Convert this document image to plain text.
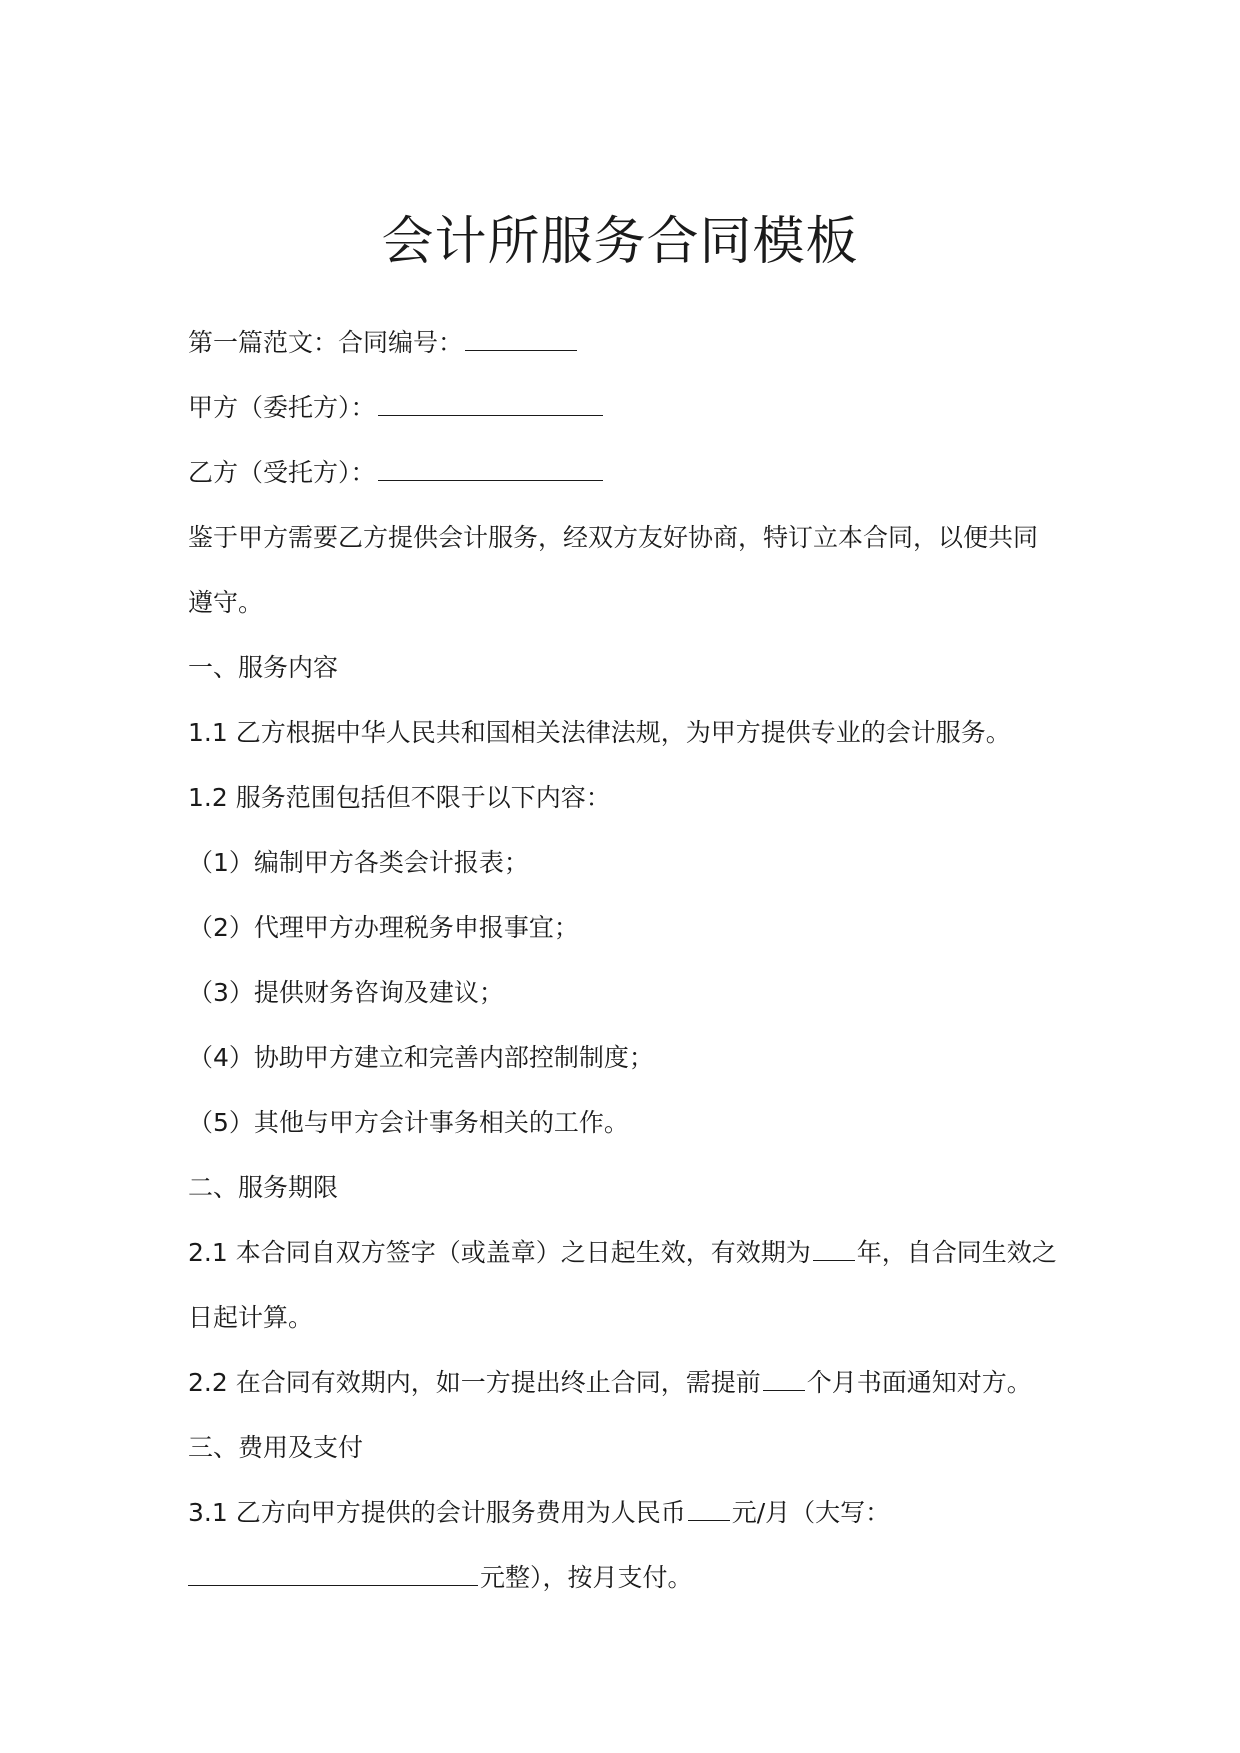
会计所服务合同模板
第一篇范文：合同编号：
甲方（委托方）：
乙方（受托方）：
鉴于甲方需要乙方提供会计服务，经双方友好协商，特订立本合同，以便共同
遵守。
一、服务内容
1.1 乙方根据中华人民共和国相关法律法规，为甲方提供专业的会计服务。
1.2 服务范围包括但不限于以下内容：
（1）编制甲方各类会计报表；
（2）代理甲方办理税务申报事宜；
（3）提供财务咨询及建议；
（4）协助甲方建立和完善内部控制制度；
（5）其他与甲方会计事务相关的工作。
二、服务期限
2.1 本合同自双方签字（或盖章）之日起生效，有效期为 年，自合同生效之
日起计算。
2.2 在合同有效期内，如一方提出终止合同，需提前 个月书面通知对方。
三、费用及支付
3.1 乙方向甲方提供的会计服务费用为人民币 元/月（大写：
元整），按月支付。
